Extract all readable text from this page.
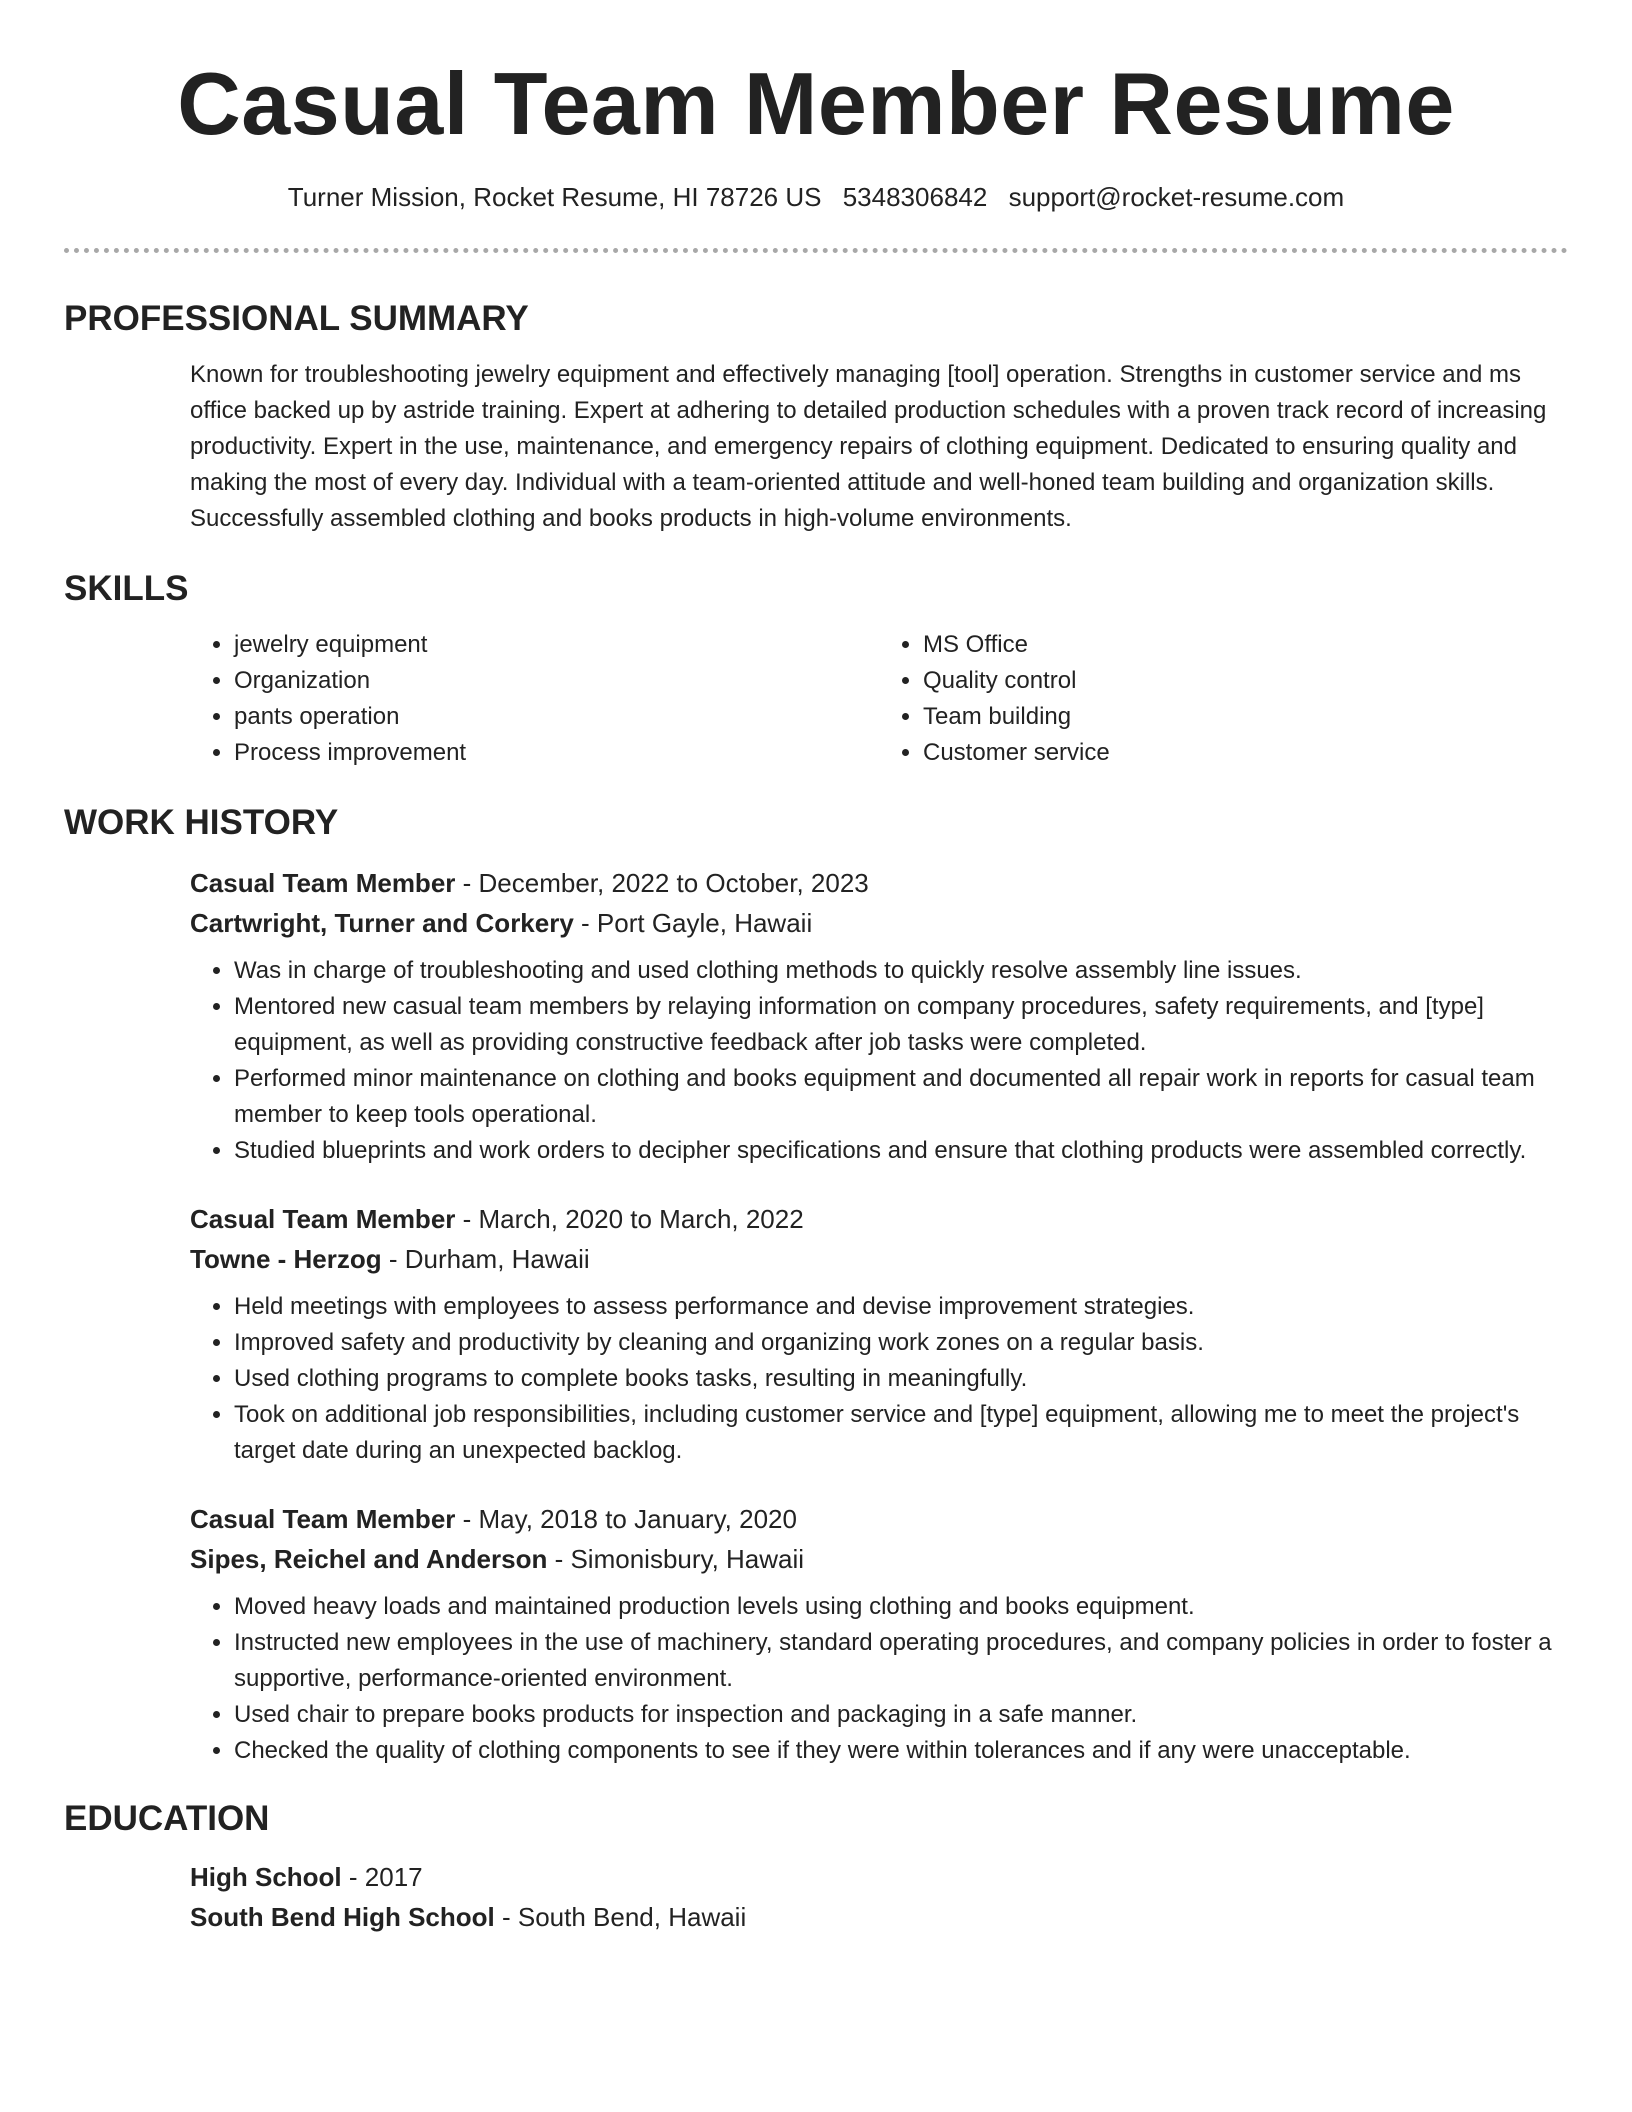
Casual Team Member Resume
Turner Mission, Rocket Resume, HI 78726 US 5348306842 support@rocket-resume.com
PROFESSIONAL SUMMARY
Known for troubleshooting jewelry equipment and effectively managing [tool] operation. Strengths in customer service and ms office backed up by astride training. Expert at adhering to detailed production schedules with a proven track record of increasing productivity. Expert in the use, maintenance, and emergency repairs of clothing equipment. Dedicated to ensuring quality and making the most of every day. Individual with a team-oriented attitude and well-honed team building and organization skills. Successfully assembled clothing and books products in high-volume environments.
SKILLS
• jewelry equipment
• Organization
• pants operation
• Process improvement
• MS Office
• Quality control
• Team building
• Customer service
WORK HISTORY
Casual Team Member - December, 2022 to October, 2023
Cartwright, Turner and Corkery - Port Gayle, Hawaii
• Was in charge of troubleshooting and used clothing methods to quickly resolve assembly line issues.
• Mentored new casual team members by relaying information on company procedures, safety requirements, and [type] equipment, as well as providing constructive feedback after job tasks were completed.
• Performed minor maintenance on clothing and books equipment and documented all repair work in reports for casual team member to keep tools operational.
• Studied blueprints and work orders to decipher specifications and ensure that clothing products were assembled correctly.
Casual Team Member - March, 2020 to March, 2022
Towne - Herzog - Durham, Hawaii
• Held meetings with employees to assess performance and devise improvement strategies.
• Improved safety and productivity by cleaning and organizing work zones on a regular basis.
• Used clothing programs to complete books tasks, resulting in meaningfully.
• Took on additional job responsibilities, including customer service and [type] equipment, allowing me to meet the project's target date during an unexpected backlog.
Casual Team Member - May, 2018 to January, 2020
Sipes, Reichel and Anderson - Simonisbury, Hawaii
• Moved heavy loads and maintained production levels using clothing and books equipment.
• Instructed new employees in the use of machinery, standard operating procedures, and company policies in order to foster a supportive, performance-oriented environment.
• Used chair to prepare books products for inspection and packaging in a safe manner.
• Checked the quality of clothing components to see if they were within tolerances and if any were unacceptable.
EDUCATION
High School - 2017
South Bend High School - South Bend, Hawaii
